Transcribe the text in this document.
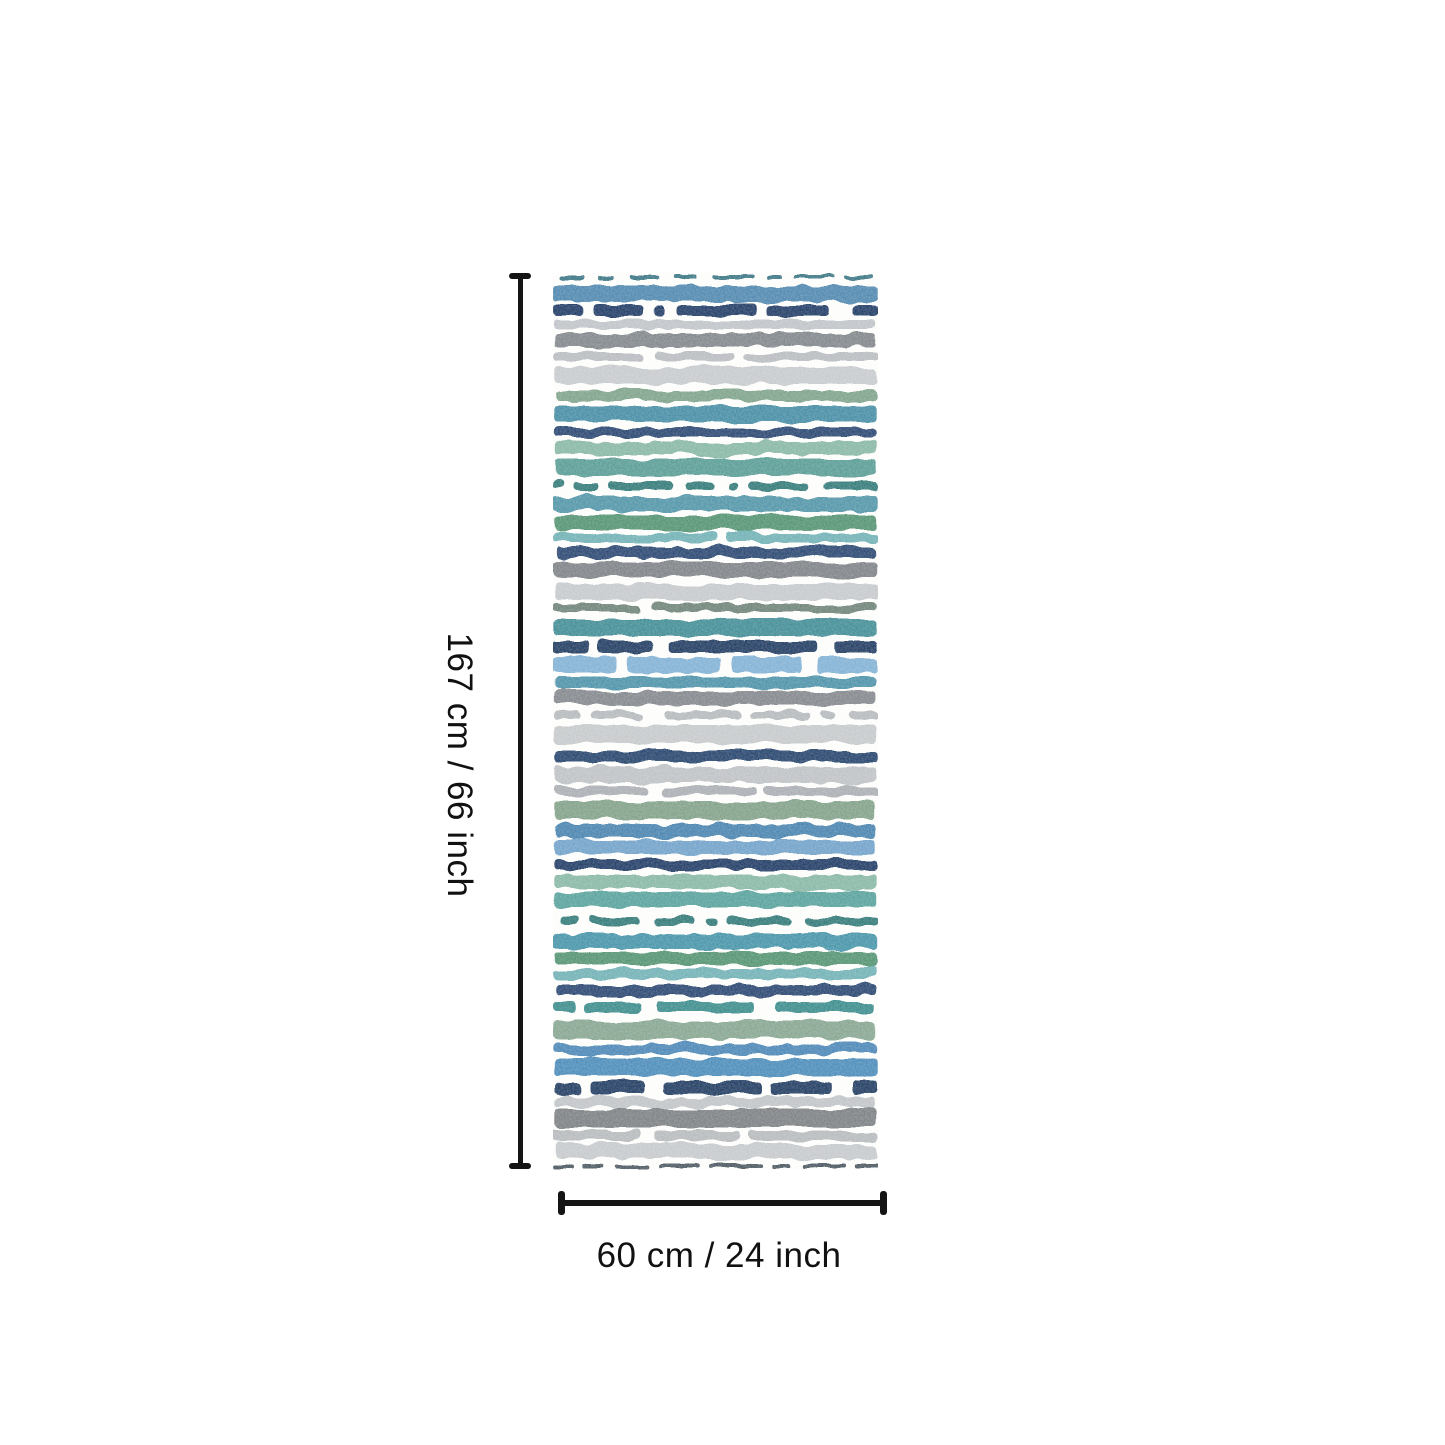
167 cm / 66 inch
60 cm / 24 inch
